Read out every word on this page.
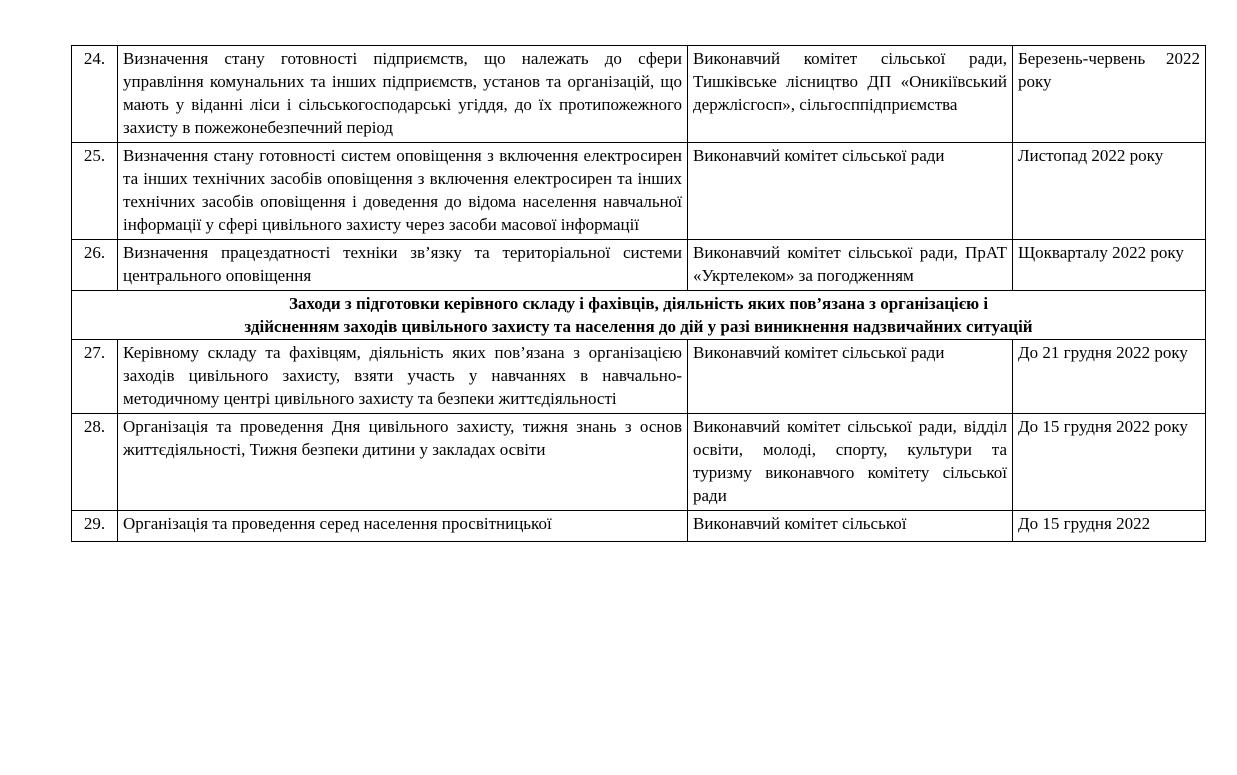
24.	Визначення стану готовності підприємств, що належать до сфери управління комунальних та інших підприємств, установ та організацій, що мають у віданні ліси і сільськогосподарські угіддя, до їх протипожежного захисту в пожежонебезпечний період	Виконавчий комітет сільської ради, Тишківське лісництво ДП «Оникіївський держлісгосп», сільгосппідприємства	Березень-червень 2022 року
25.	Визначення стану готовності систем оповіщення з включення електросирен та інших технічних засобів оповіщення з включення електросирен та інших технічних засобів оповіщення і доведення до відома населення навчальної інформації у сфері цивільного захисту через засоби масової інформації	Виконавчий комітет сільської ради	Листопад 2022 року
26.	Визначення працездатності техніки зв’язку та територіальної системи центрального оповіщення	Виконавчий комітет сільської ради, ПрАТ «Укртелеком» за погодженням	Щокварталу 2022 року

Заходи з підготовки керівного складу і фахівців, діяльність яких пов’язана з організацією і
здійсненням заходів цивільного захисту та населення до дій у разі виникнення надзвичайних ситуацій			

27.	Керівному складу та фахівцям, діяльність яких пов’язана з організацією заходів цивільного захисту, взяти участь у навчаннях в навчально-методичному центрі цивільного захисту та безпеки життєдіяльності	Виконавчий комітет сільської ради	До 21 грудня 2022 року
28.	Організація та проведення Дня цивільного захисту, тижня знань з основ життєдіяльності, Тижня безпеки дитини у закладах освіти	Виконавчий комітет сільської ради, відділ освіти, молоді, спорту, культури та туризму виконавчого комітету сільської ради	До 15 грудня 2022 року

29.	Організація та проведення серед населення просвітницької	Виконавчий комітет сільської	До 15 грудня 2022
